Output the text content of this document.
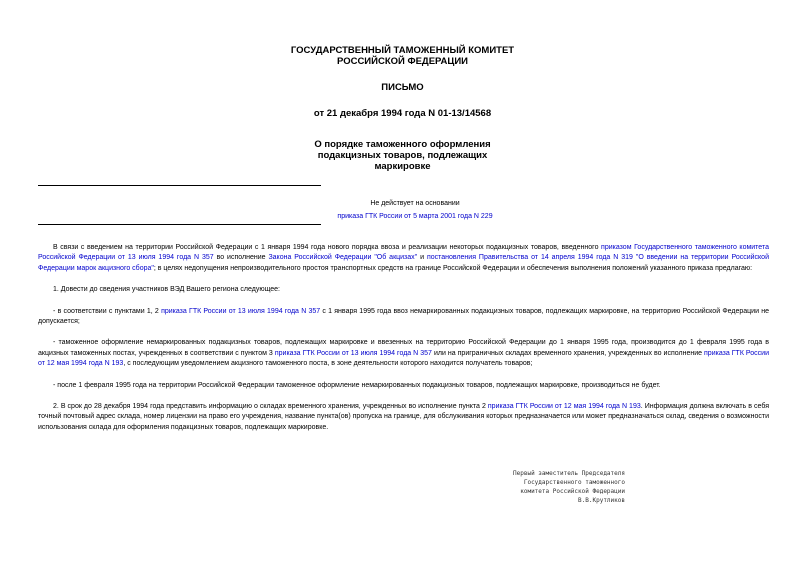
ГОСУДАРСТВЕННЫЙ ТАМОЖЕННЫЙ КОМИТЕТ
РОССИЙСКОЙ ФЕДЕРАЦИИ
ПИСЬМО
от 21 декабря 1994 года N 01-13/14568
О порядке таможенного оформления
подакцизных товаров, подлежащих
маркировке
Не действует на основании
приказа ГТК России от 5 марта 2001 года N 229

В связи с введением на территории Российской Федерации с 1 января 1994 года нового порядка ввоза и реализации некоторых подакцизных товаров, введенного приказом Государственного таможенного комитета Российской Федерации от 13 июля 1994 года N 357 во исполнение Закона Российской Федерации "Об акцизах" и постановления Правительства от 14 апреля 1994 года N 319 "О введении на территории Российской Федерации марок акцизного сбора"; в целях недопущения непроизводительного простоя транспортных средств на границе Российской Федерации и обеспечения выполнения положений указанного приказа предлагаю:

1. Довести до сведения участников ВЭД Вашего региона следующее:

- в соответствии с пунктами 1, 2 приказа ГТК России от 13 июля 1994 года N 357 с 1 января 1995 года ввоз немаркированных подакцизных товаров, подлежащих маркировке, на территорию Российской Федерации не допускается;

- таможенное оформление немаркированных подакцизных товаров, подлежащих маркировке и ввезенных на территорию Российской Федерации до 1 января 1995 года, производится до 1 февраля 1995 года в акцизных таможенных постах, учрежденных в соответствии с пунктом 3 приказа ГТК России от 13 июля 1994 года N 357 или на приграничных складах временного хранения, учрежденных во исполнение приказа ГТК России от 12 мая 1994 года N 193, с последующим уведомлением акцизного таможенного поста, в зоне деятельности которого находится получатель товаров;

- после 1 февраля 1995 года на территории Российской Федерации таможенное оформление немаркированных подакцизных товаров, подлежащих маркировке, производиться не будет.

2. В срок до 28 декабря 1994 года представить информацию о складах временного хранения, учрежденных во исполнение пункта 2 приказа ГТК России от 12 мая 1994 года N 193. Информация должна включать в себя точный почтовый адрес склада, номер лицензии на право его учреждения, название пункта(ов) пропуска на границе, для обслуживания которых предназначается или может предназначаться склад, сведения о возможности использования склада для оформления подакцизных товаров, подлежащих маркировке.

Первый заместитель Председателя
Государственного таможенного
комитета Российской Федерации
В.В.Крутликов
